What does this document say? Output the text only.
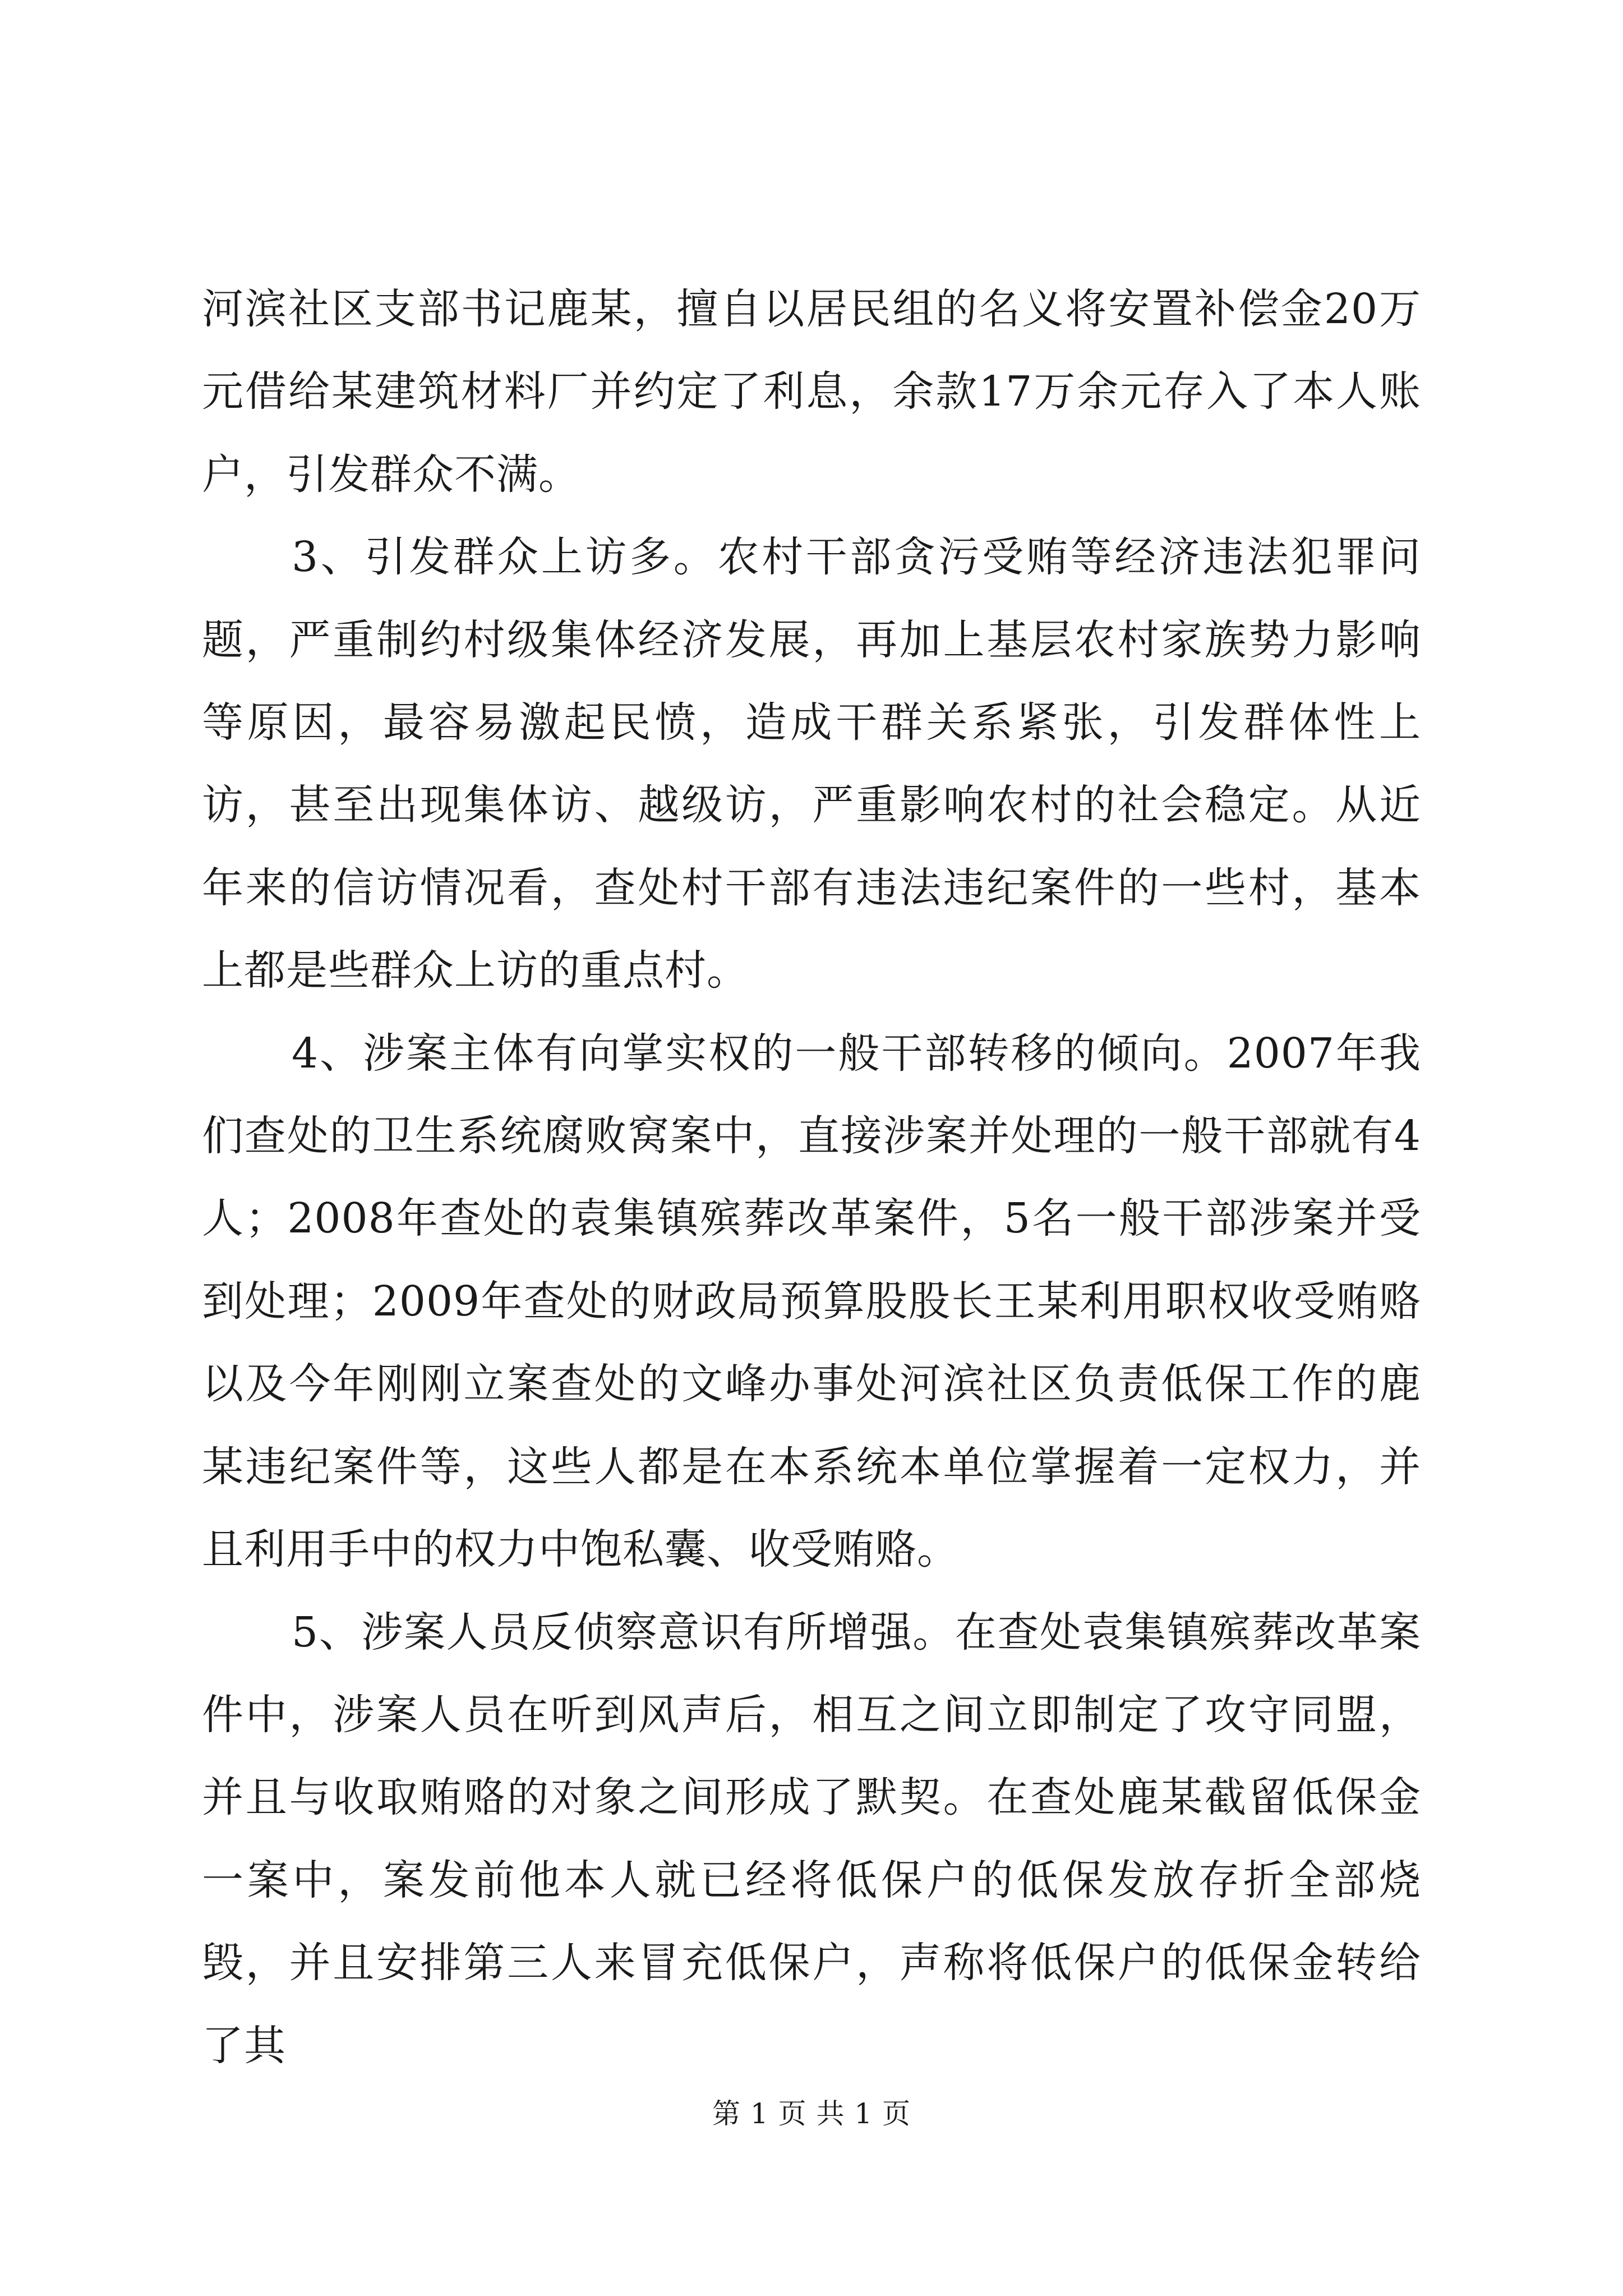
河滨社区支部书记鹿某，擅自以居民组的名义将安置补偿金20万元借给某建筑材料厂并约定了利息，余款17万余元存入了本人账户，引发群众不满。

3、引发群众上访多。农村干部贪污受贿等经济违法犯罪问题，严重制约村级集体经济发展，再加上基层农村家族势力影响等原因，最容易激起民愤，造成干群关系紧张，引发群体性上访，甚至出现集体访、越级访，严重影响农村的社会稳定。从近年来的信访情况看，查处村干部有违法违纪案件的一些村，基本上都是些群众上访的重点村。

4、涉案主体有向掌实权的一般干部转移的倾向。2007年我们查处的卫生系统腐败窝案中，直接涉案并处理的一般干部就有4人；2008年查处的袁集镇殡葬改革案件，5名一般干部涉案并受到处理；2009年查处的财政局预算股股长王某利用职权收受贿赂以及今年刚刚立案查处的文峰办事处河滨社区负责低保工作的鹿某违纪案件等，这些人都是在本系统本单位掌握着一定权力，并且利用手中的权力中饱私囊、收受贿赂。

5、涉案人员反侦察意识有所增强。在查处袁集镇殡葬改革案件中，涉案人员在听到风声后，相互之间立即制定了攻守同盟，并且与收取贿赂的对象之间形成了默契。在查处鹿某截留低保金一案中，案发前他本人就已经将低保户的低保发放存折全部烧毁，并且安排第三人来冒充低保户，声称将低保户的低保金转给了其

第 1 页 共 1 页
